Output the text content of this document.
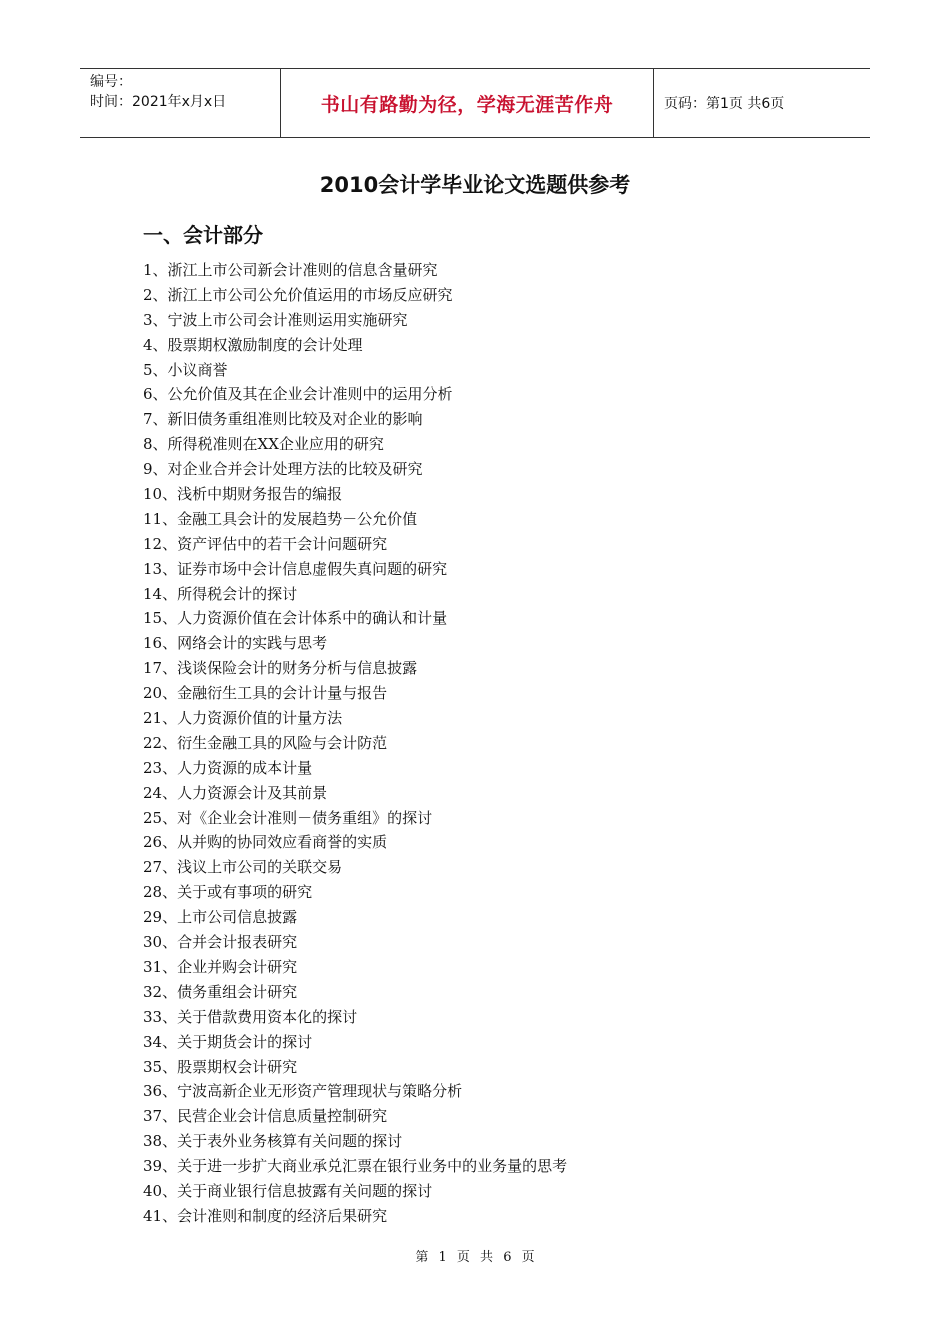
编号：
时间：2021年x月x日	书山有路勤为径，学海无涯苦作舟	页码：第1页 共6页
2010会计学毕业论文选题供参考
一、会计部分
1、浙江上市公司新会计准则的信息含量研究
2、浙江上市公司公允价值运用的市场反应研究
3、宁波上市公司会计准则运用实施研究
4、股票期权激励制度的会计处理
5、小议商誉
6、公允价值及其在企业会计准则中的运用分析
7、新旧债务重组准则比较及对企业的影响
8、所得税准则在XX企业应用的研究
9、对企业合并会计处理方法的比较及研究
10、浅析中期财务报告的编报
11、金融工具会计的发展趋势－公允价值
12、资产评估中的若干会计问题研究
13、证券市场中会计信息虚假失真问题的研究
14、所得税会计的探讨
15、人力资源价值在会计体系中的确认和计量
16、网络会计的实践与思考
17、浅谈保险会计的财务分析与信息披露
20、金融衍生工具的会计计量与报告
21、人力资源价值的计量方法
22、衍生金融工具的风险与会计防范
23、人力资源的成本计量
24、人力资源会计及其前景
25、对《企业会计准则－债务重组》的探讨
26、从并购的协同效应看商誉的实质
27、浅议上市公司的关联交易
28、关于或有事项的研究
29、上市公司信息披露
30、合并会计报表研究
31、企业并购会计研究
32、债务重组会计研究
33、关于借款费用资本化的探讨
34、关于期货会计的探讨
35、股票期权会计研究
36、宁波高新企业无形资产管理现状与策略分析
37、民营企业会计信息质量控制研究
38、关于表外业务核算有关问题的探讨
39、关于进一步扩大商业承兑汇票在银行业务中的业务量的思考
40、关于商业银行信息披露有关问题的探讨
41、会计准则和制度的经济后果研究
第 1 页 共 6 页
